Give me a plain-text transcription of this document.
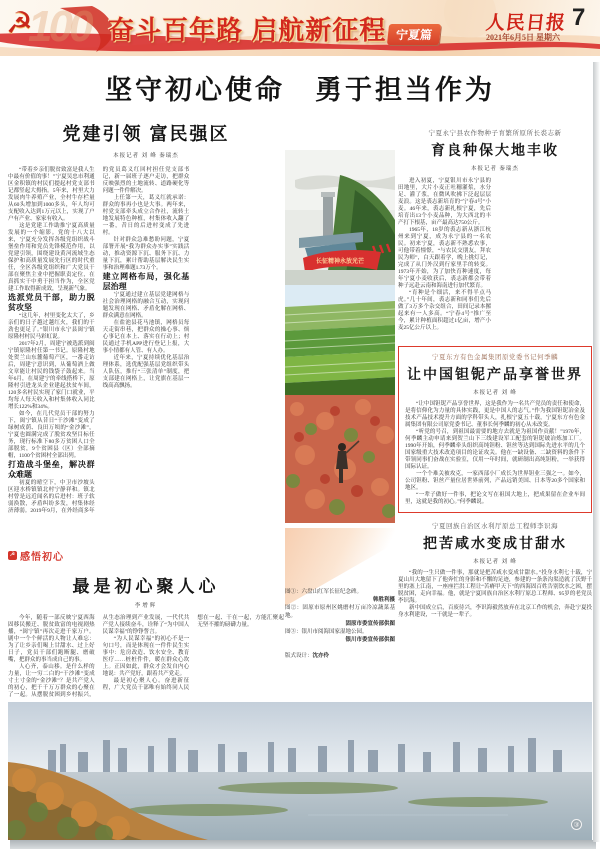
100
☭	奋斗百年路 启航新征程 宁夏篇
人民日报 7
2021年6月5日 星期六
坚守初心使命　勇于担当作为
党建引领 富民强区
本报记者 刘 峰 秦瑞杰

“带着乡亲们脱贫致富是我人生中最有价值的事！”宁夏吴忠市利通区金积镇的村民们提起村党支部书记都竖起大拇指。5年来，村里大力发展肉牛养殖产业，全村牛存栏量从60头增加到1000多头，年人均可支配收入达到1万元以上，实现了户户有产业、家家有收入。

这是党建工作助推宁夏高质量发展的一个缩影。党的十八大以来，宁夏充分发挥各级党组织战斗堡垒作用和党员先锋模范作用，以党建引领，围绕建设黄河流域生态保护和高质量发展先行区的时代重任，全区各级党组织和广大党员干部在聚焦主业中把握职责定位，在真抓实干中勇于担当作为，全区党建工作取得新成效，呈现新气象。

选派党员干部，助力脱贫攻坚

“这几年，村里变化太大了，乡亲们的日子越过越红火，我们的干劲也更足了。”银川市永宁县闽宁镇原隆村村民马彩虹说。

2017年2月，周建宁被选派到闽宁镇原隆村任第一书记。原隆村地处贺兰山东麓葡萄产区，一番走访后，周建宁意识到，从葡萄酒上做文章能让村民的钱袋子鼓起来。当年6月，在周建宁的牵线搭桥下，原隆村引进龙头企业建起扶贫车间，120多名村民实现了家门口就业，平均每人每天收入和村集体收入同比增长122%和34%。

如今，在几代党员干部的努力下，闽宁镇从昔日“干沙滩”变成了绿树成荫、良田万顷的“金沙滩”，宁夏也圆满完成了脱贫攻坚目标任务，现行标准下80多万贫困人口全部脱贫，9个贫困县（区）全部摘帽，1100个贫困村全部出列。

打造战斗堡垒，解决群众难题

初夏的晴空下，中卫市沙坡头区迎水桥镇镇北村宁静祥和。镇北村曾是远近闻名的后进村：班子软弱涣散，矛盾纠纷多发，村集体经济薄弱。2019年9月，在外经商多年的党员葛义红回村担任党支部书记，新一届班子逐户走访，把群众反映强烈的土地流转、道路硬化等问题一件件解决。

上任第一天，葛义红就承诺：群众的事再小也是大事。两年来，村党支部牵头成立合作社，流转土地发展特色种植，村集体收入翻了一番，昔日的后进村变成了先进村。

针对群众急难愁盼问题，宁夏部署开展“我为群众办实事”实践活动，推动资源下沉、服务下沉、力量下沉，累计帮助基层解决民生实事和治理难题1.73万个。

建立网格布局，强化基层治理

宁夏通过建立基层党建网格与社会治理网格的融合互动，实现问题发现在网格、矛盾化解在网格、群众满意在网格。

在盐池县花马池镇，网格员每天走街串巷，把群众的操心事、烦心事记在本上、落实在行动上；村民通过手机APP进行登记上报，大事小情都有人管、有人办。

近年来，宁夏持续优化基层治理体系，选优配强基层党组织带头人队伍，推行“三张清单”制度，把支部建在网格上，让党旗在基层一线高高飘扬。

长征精神永放光芒
图①：六盘山红军长征纪念碑。
韩胜利摄
图②：固原市原州区姚磨村万亩冷凉蔬菜基地。
固原市委宣传部供图
图③：银川市阅海国家湿地公园。
银川市委宣传部供图
版式设计：沈亦伶
宁夏永宁县农作物种子育繁所原所长裘志新
育良种保大地丰收
本报记者 秦瑞杰

进入初夏，宁夏银川市永宁县的田地里，大片小麦正吐穗灌浆，水分足、灌了浆，在微风吹拂下泛起层层麦浪。这是裘志新培育的“宁春4号”小麦。46年来，裘志新扎根宁夏，先后培育出13个小麦品种，为大西北的丰产打下根基，亩产最高达750公斤。

1965年，18岁的裘志新从浙江杭州来到宁夏，成为永宁县的一名农民。初来宁夏，裘志新不熟悉农事，可他带着憧憬，“与农民交朋友，拜农民为师”，白天跟着学，晚上挑灯记，完成了从门外汉到行家里手的转变。1973年开始，为了加快育种速度，每年宁夏小麦收获后，裘志新都会带着种子远赴云南和海南进行加代繁育。

“育种是个细活，来不得半点马虎。”几十年间，裘志新和同事们先后做了3万多个杂交组合，田间记录本摞起来有一人多高。“宁春4号”推广至今，累计种植面积超过1亿亩，增产小麦25亿公斤以上。

宁夏东方有色金属集团原党委书记何季麟
让中国钽铌产品享誉世界
本报记者 刘 峰

“让中国钽铌产品享誉世界，这是我作为一名共产党员的责任和使命，是将信仰化为力量的具体实践，更是中国人的志气。”作为我国钽铌冶金及技术产品技术提升方面的学科带头人，扎根宁夏五十载，宁夏东方有色金属集团有限公司原党委书记、董事长何季麟的初心从未改变。

“听党的号召，到祖国最需要的地方去就是为祖国作贡献！”1970年，何季麟主动申请来到贺兰山下三线建设军工配套的钽铌铍冶炼加工厂。1990年开始，何季麟牵头组织高纯钽粉、钽丝等达到国际先进水平的几个国家级重大技术改造项目的论证攻关。他在一缺设备、二缺资料的条件下带领同事们奋战在实验室，仅用一年时间，就研制出高纯钽粉，一举获得国际认证。

一个个难关被攻克，一家西部小厂成长为世界钽业三强之一。如今，公司钽粉、钽丝产量位居世界前列，产品远销美国、日本等20多个国家和地区。

“一辈子做好一件事，把论文写在祖国大地上，把成果留在企业车间里，这就是我的初心。”何季麟说。

宁夏回族自治区水利厅原总工程师李识海
把苦咸水变成甘甜水
本报记者 刘 峰

“我的一生只做一件事，那就是把苦咸水变成甘甜水。”投身水利七十载，宁夏山川大地留下了他奔忙的身影和不懈的足迹，参建的一条条沟渠造就了沃野千里的塞上江南，一座座拦洪工程让“苦瘠甲天下”的西海固百姓告别饮水之困，摆脱贫困，走向幸福。他，就是宁夏回族自治区水利厅原总工程师、95岁的老党员李识海。

新中国成立后，百废待兴，李识海毅然放弃在北京工作的机会，奔赴宁夏投身水利建设，一干就是一辈子。

☭ 感悟初心
最是初心聚人心
李增辉

今年，随着一部反映宁夏西海固移民搬迁、脱贫致富的电视剧热播，“闽宁镇”再次走进千家万户。剧中一个个鲜活的人物让人难忘：为了让乡亲们喝上甘甜水、过上好日子，党员干部们跑断腿、磨破嘴，把群众的事当成自己的事。

人心齐，泰山移。是什么样的力量，让一穷二白的“干沙滩”变成寸土寸金的“金沙滩”？是共产党人的初心，把千千万万群众的心聚在了一起。从摆脱贫困到乡村振兴，从生态治理到产业发展，一代代共产党人接续奋斗，诠释了“为中国人民谋幸福”的铮铮誓言。

“为人民谋幸福”的初心不是一句口号，而是体现在一件件民生实事中：危房改造、饮水安全、教育医疗……桩桩件件，暖在群众心坎上。正因如此，群众才会发自内心地说：共产党好，跟着共产党走。

最是初心聚人心。奋进新征程，广大党员干部唯有始终同人民想在一起、干在一起，方能汇聚起无坚不摧的磅礴力量。

③
